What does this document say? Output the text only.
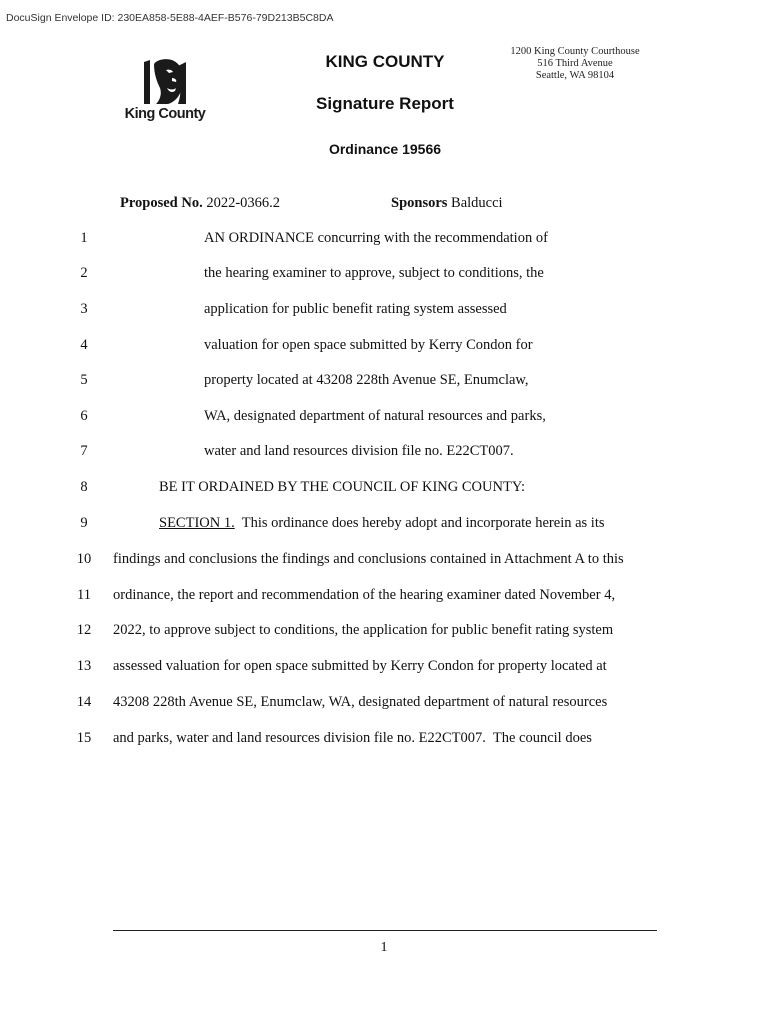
DocuSign Envelope ID: 230EA858-5E88-4AEF-B576-79D213B5C8DA
King County
KING COUNTY
Signature Report
Ordinance 19566
1200 King County Courthouse
516 Third Avenue
Seattle, WA 98104
Proposed No. 2022-0366.2	Sponsors Balducci
1	AN ORDINANCE concurring with the recommendation of
2	the hearing examiner to approve, subject to conditions, the
3	application for public benefit rating system assessed
4	valuation for open space submitted by Kerry Condon for
5	property located at 43208 228th Avenue SE, Enumclaw,
6	WA, designated department of natural resources and parks,
7	water and land resources division file no. E22CT007.
8	BE IT ORDAINED BY THE COUNCIL OF KING COUNTY:
9	SECTION 1.  This ordinance does hereby adopt and incorporate herein as its
10	findings and conclusions the findings and conclusions contained in Attachment A to this
11	ordinance, the report and recommendation of the hearing examiner dated November 4,
12	2022, to approve subject to conditions, the application for public benefit rating system
13	assessed valuation for open space submitted by Kerry Condon for property located at
14	43208 228th Avenue SE, Enumclaw, WA, designated department of natural resources
15	and parks, water and land resources division file no. E22CT007.  The council does
1
